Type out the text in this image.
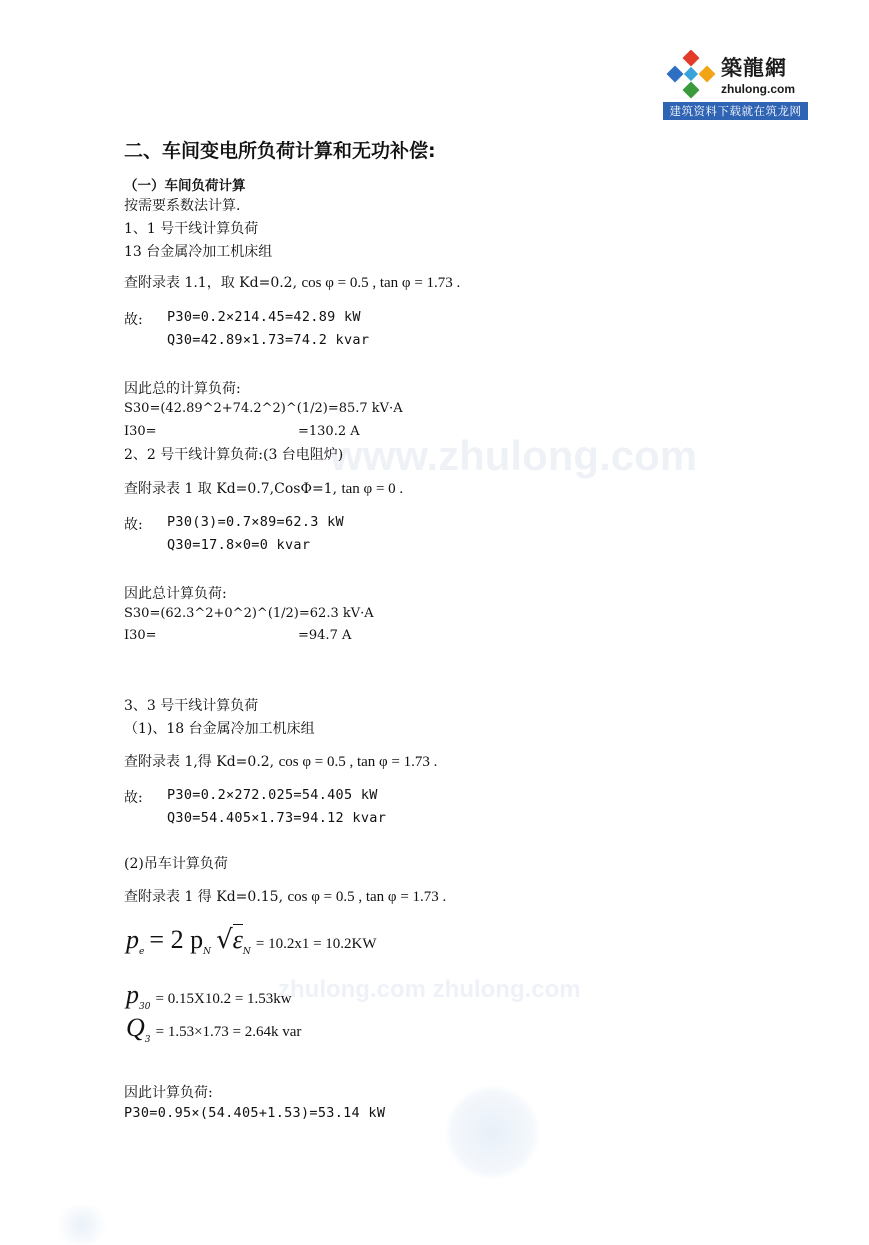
www.zhulong.com
zhulong.com zhulong.com
築龍網
zhulong.com
建筑资料下载就在筑龙网
二、车间变电所负荷计算和无功补偿:
（一）车间负荷计算
按需要系数法计算.
1、1 号干线计算负荷
13 台金属冷加工机床组
查附录表 1.1，取 Kd=0.2, cos φ = 0.5 , tan φ = 1.73 .
故: P30=0.2×214.45=42.89 kW
Q30=42.89×1.73=74.2 kvar
因此总的计算负荷:
S30=(42.89^2+74.2^2)^(1/2)=85.7 kV·A
I30=	=130.2 A
2、2 号干线计算负荷:(3 台电阻炉)
查附录表 1 取 Kd=0.7,CosΦ=1, tan φ = 0 .
故: P30(3)=0.7×89=62.3 kW
Q30=17.8×0=0 kvar
因此总计算负荷:
S30=(62.3^2+0^2)^(1/2)=62.3 kV·A
I30=	=94.7 A
3、3 号干线计算负荷
（1)、18 台金属冷加工机床组
查附录表 1,得 Kd=0.2, cos φ = 0.5 , tan φ = 1.73 .
故: P30=0.2×272.025=54.405 kW
Q30=54.405×1.73=94.12 kvar
(2)吊车计算负荷
查附录表 1 得 Kd=0.15, cos φ = 0.5 , tan φ = 1.73 .
$p_e = 2$ $p_N$ $√\varepsilon_N = 10.2x1 = 10.2KW$
$p_{30} = 0.15X10.2 = 1.53kw$
$Q_3 = 1.53\times 1.73 = 2.64k$ var
因此计算负荷:
P30=0.95×(54.405+1.53)=53.14 kW
